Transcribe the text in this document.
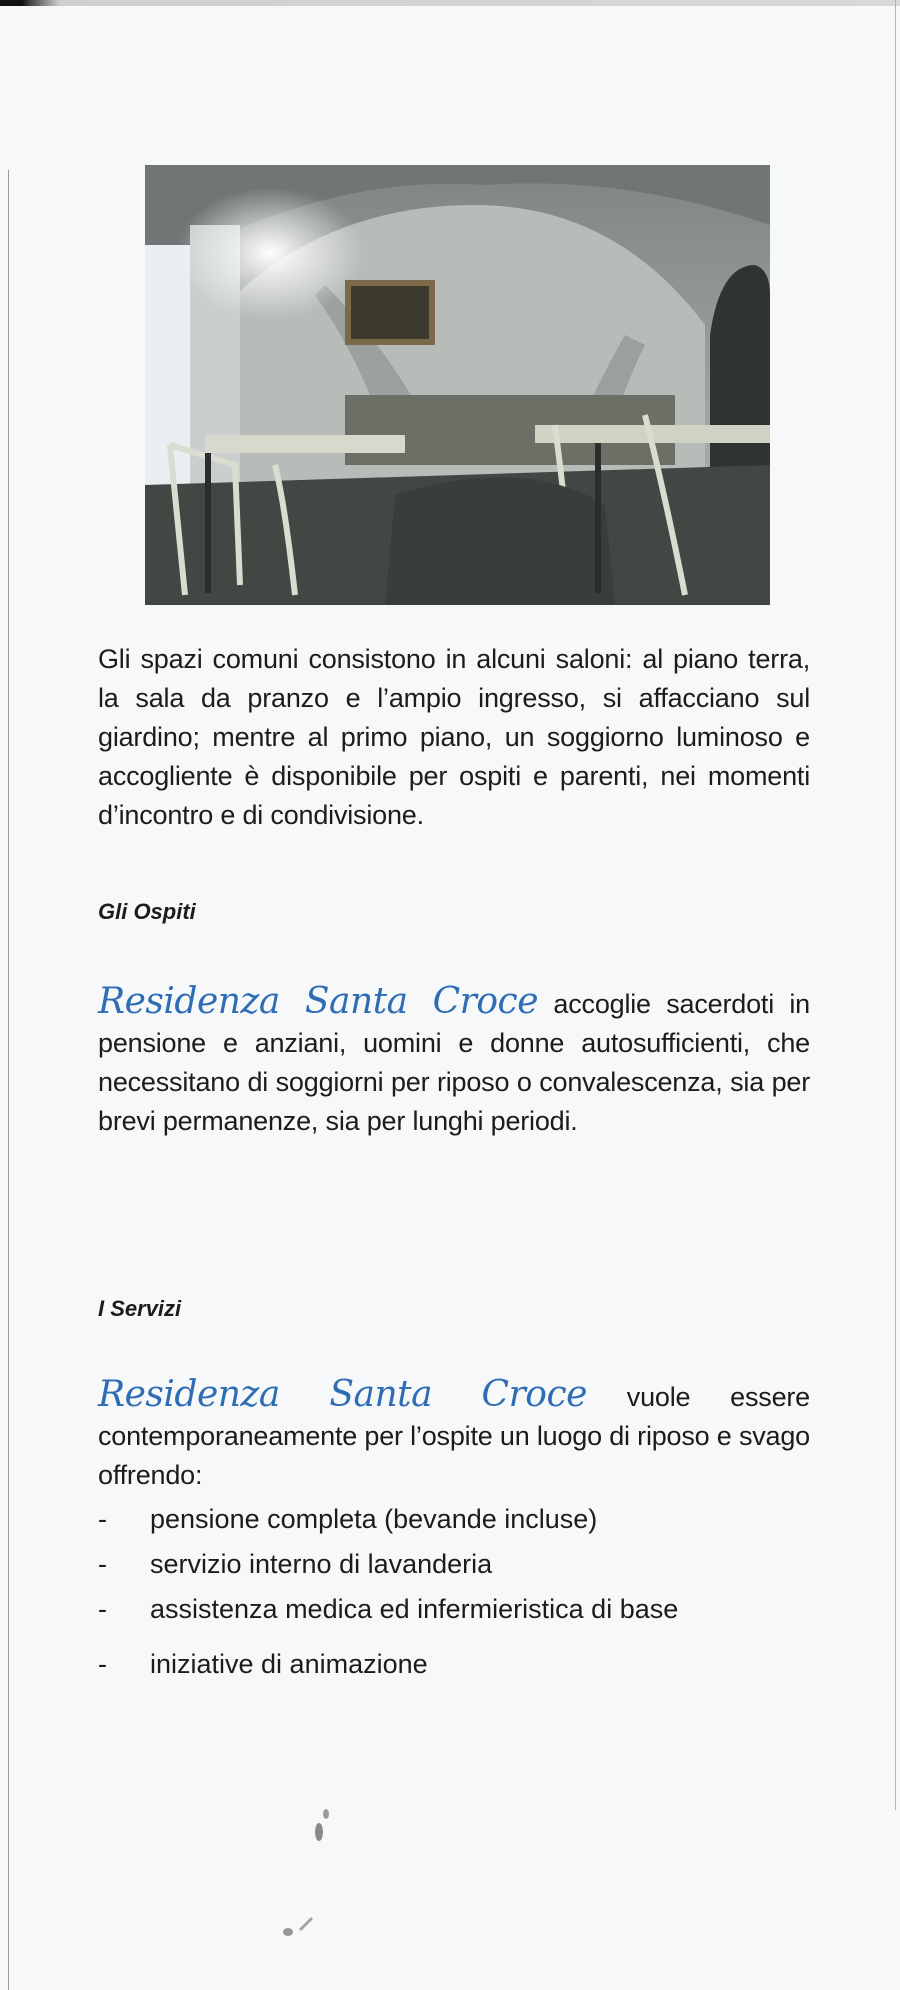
Gli spazi comuni consistono in alcuni saloni: al piano terra, la sala da pranzo e l’ampio ingresso, si affacciano sul giardino; mentre al primo piano, un soggiorno luminoso e accogliente è disponibile per ospiti e parenti, nei momenti d’incontro e di condivisione.

Gli Ospiti

Residenza Santa Croce accoglie sacerdoti in pensione e anziani, uomini e donne autosufficienti, che necessitano di soggiorni per riposo o convalescenza, sia per brevi permanenze, sia per lunghi periodi.

I Servizi

Residenza Santa Croce vuole essere contemporaneamente per l’ospite un luogo di riposo e svago offrendo:

- pensione completa (bevande incluse)
- servizio interno di lavanderia
- assistenza medica ed infermieristica di base
- iniziative di animazione
